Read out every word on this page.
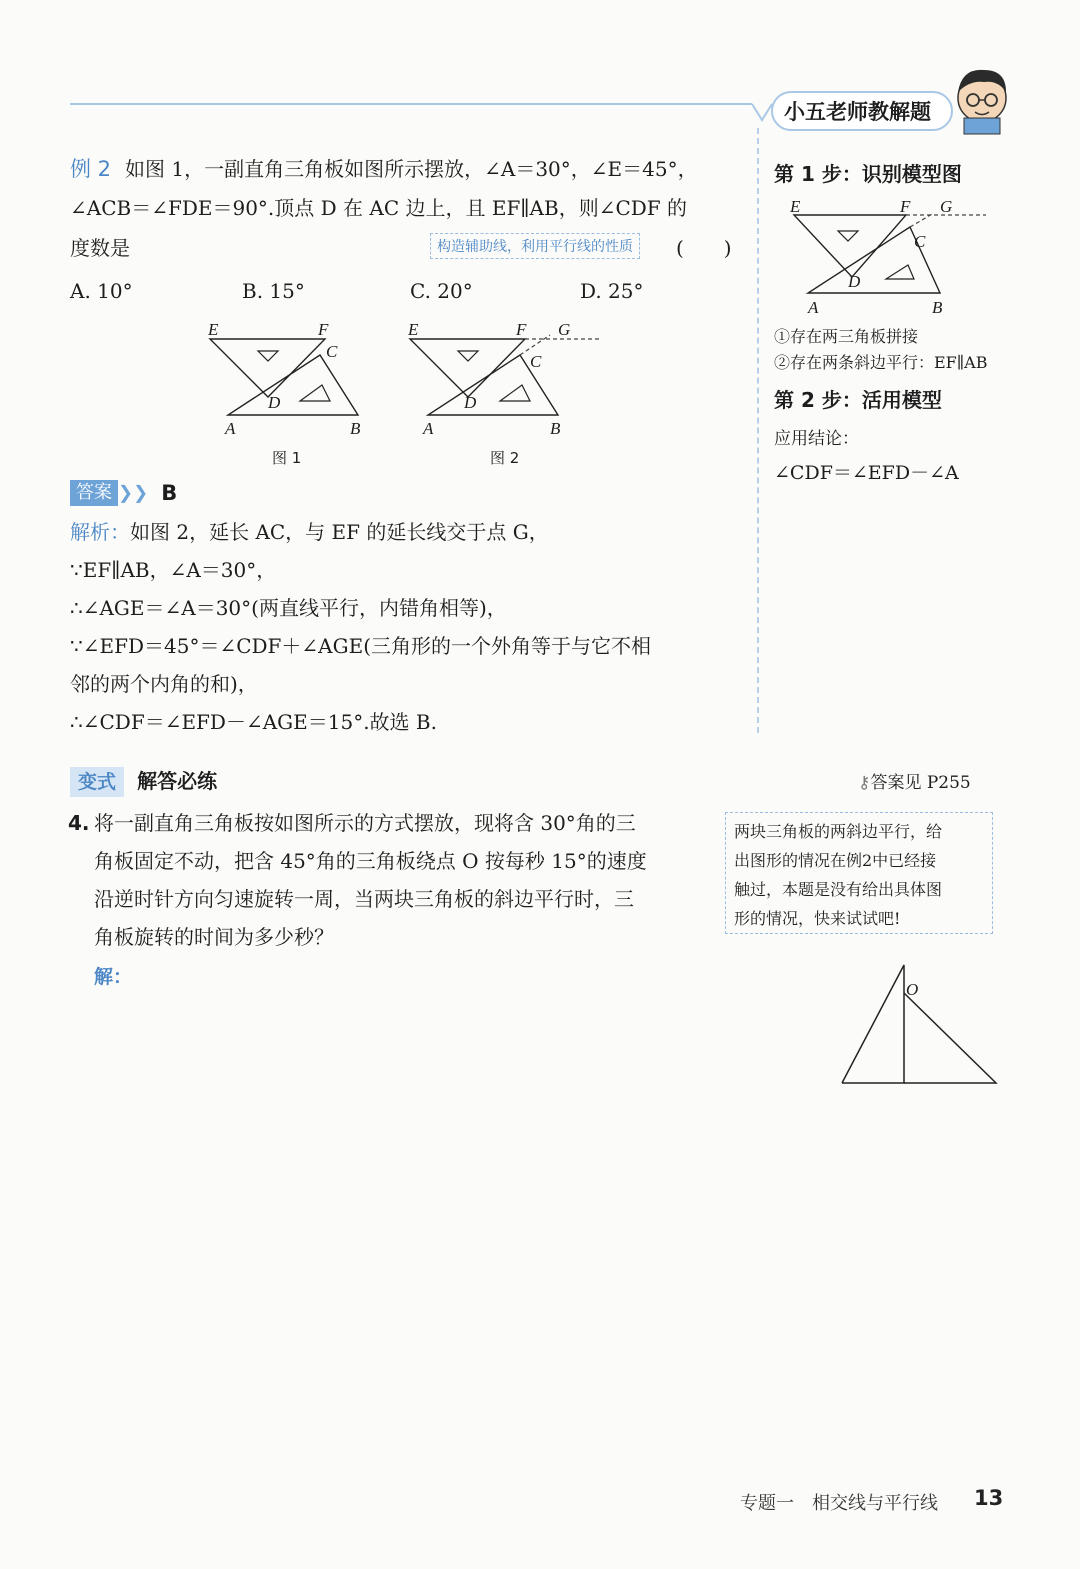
小五老师教解题
例 2 如图 1，一副直角三角板如图所示摆放，∠A＝30°，∠E＝45°，
∠ACB＝∠FDE＝90°.顶点 D 在 AC 边上，且 EF∥AB，则∠CDF 的
度数是	构造辅助线，利用平行线的性质	(　　)
A. 10°	B. 15°	C. 20°	D. 25°
E	F
C
D
A	B
图 1
E	F G
C
D
A	B
图 2
答案 ❯❯ B
解析：如图 2，延长 AC，与 EF 的延长线交于点 G，
∵EF∥AB，∠A＝30°，
∴∠AGE＝∠A＝30°(两直线平行，内错角相等)，
∵∠EFD＝45°＝∠CDF＋∠AGE(三角形的一个外角等于与它不相
邻的两个内角的和)，
∴∠CDF＝∠EFD－∠AGE＝15°.故选 B.
第 1 步：识别模型图
E	F G
C
D
A	B
①存在两三角板拼接
②存在两条斜边平行：EF∥AB
第 2 步：活用模型
应用结论：
∠CDF＝∠EFD－∠A
变式 解答必练	⚷答案见 P255
4. 将一副直角三角板按如图所示的方式摆放，现将含 30°角的三
角板固定不动，把含 45°角的三角板绕点 O 按每秒 15°的速度
沿逆时针方向匀速旋转一周，当两块三角板的斜边平行时，三
角板旋转的时间为多少秒？
解：
两块三角板的两斜边平行，给
出图形的情况在例2中已经接
触过，本题是没有给出具体图
形的情况，快来试试吧!
O
专题一　相交线与平行线 13
